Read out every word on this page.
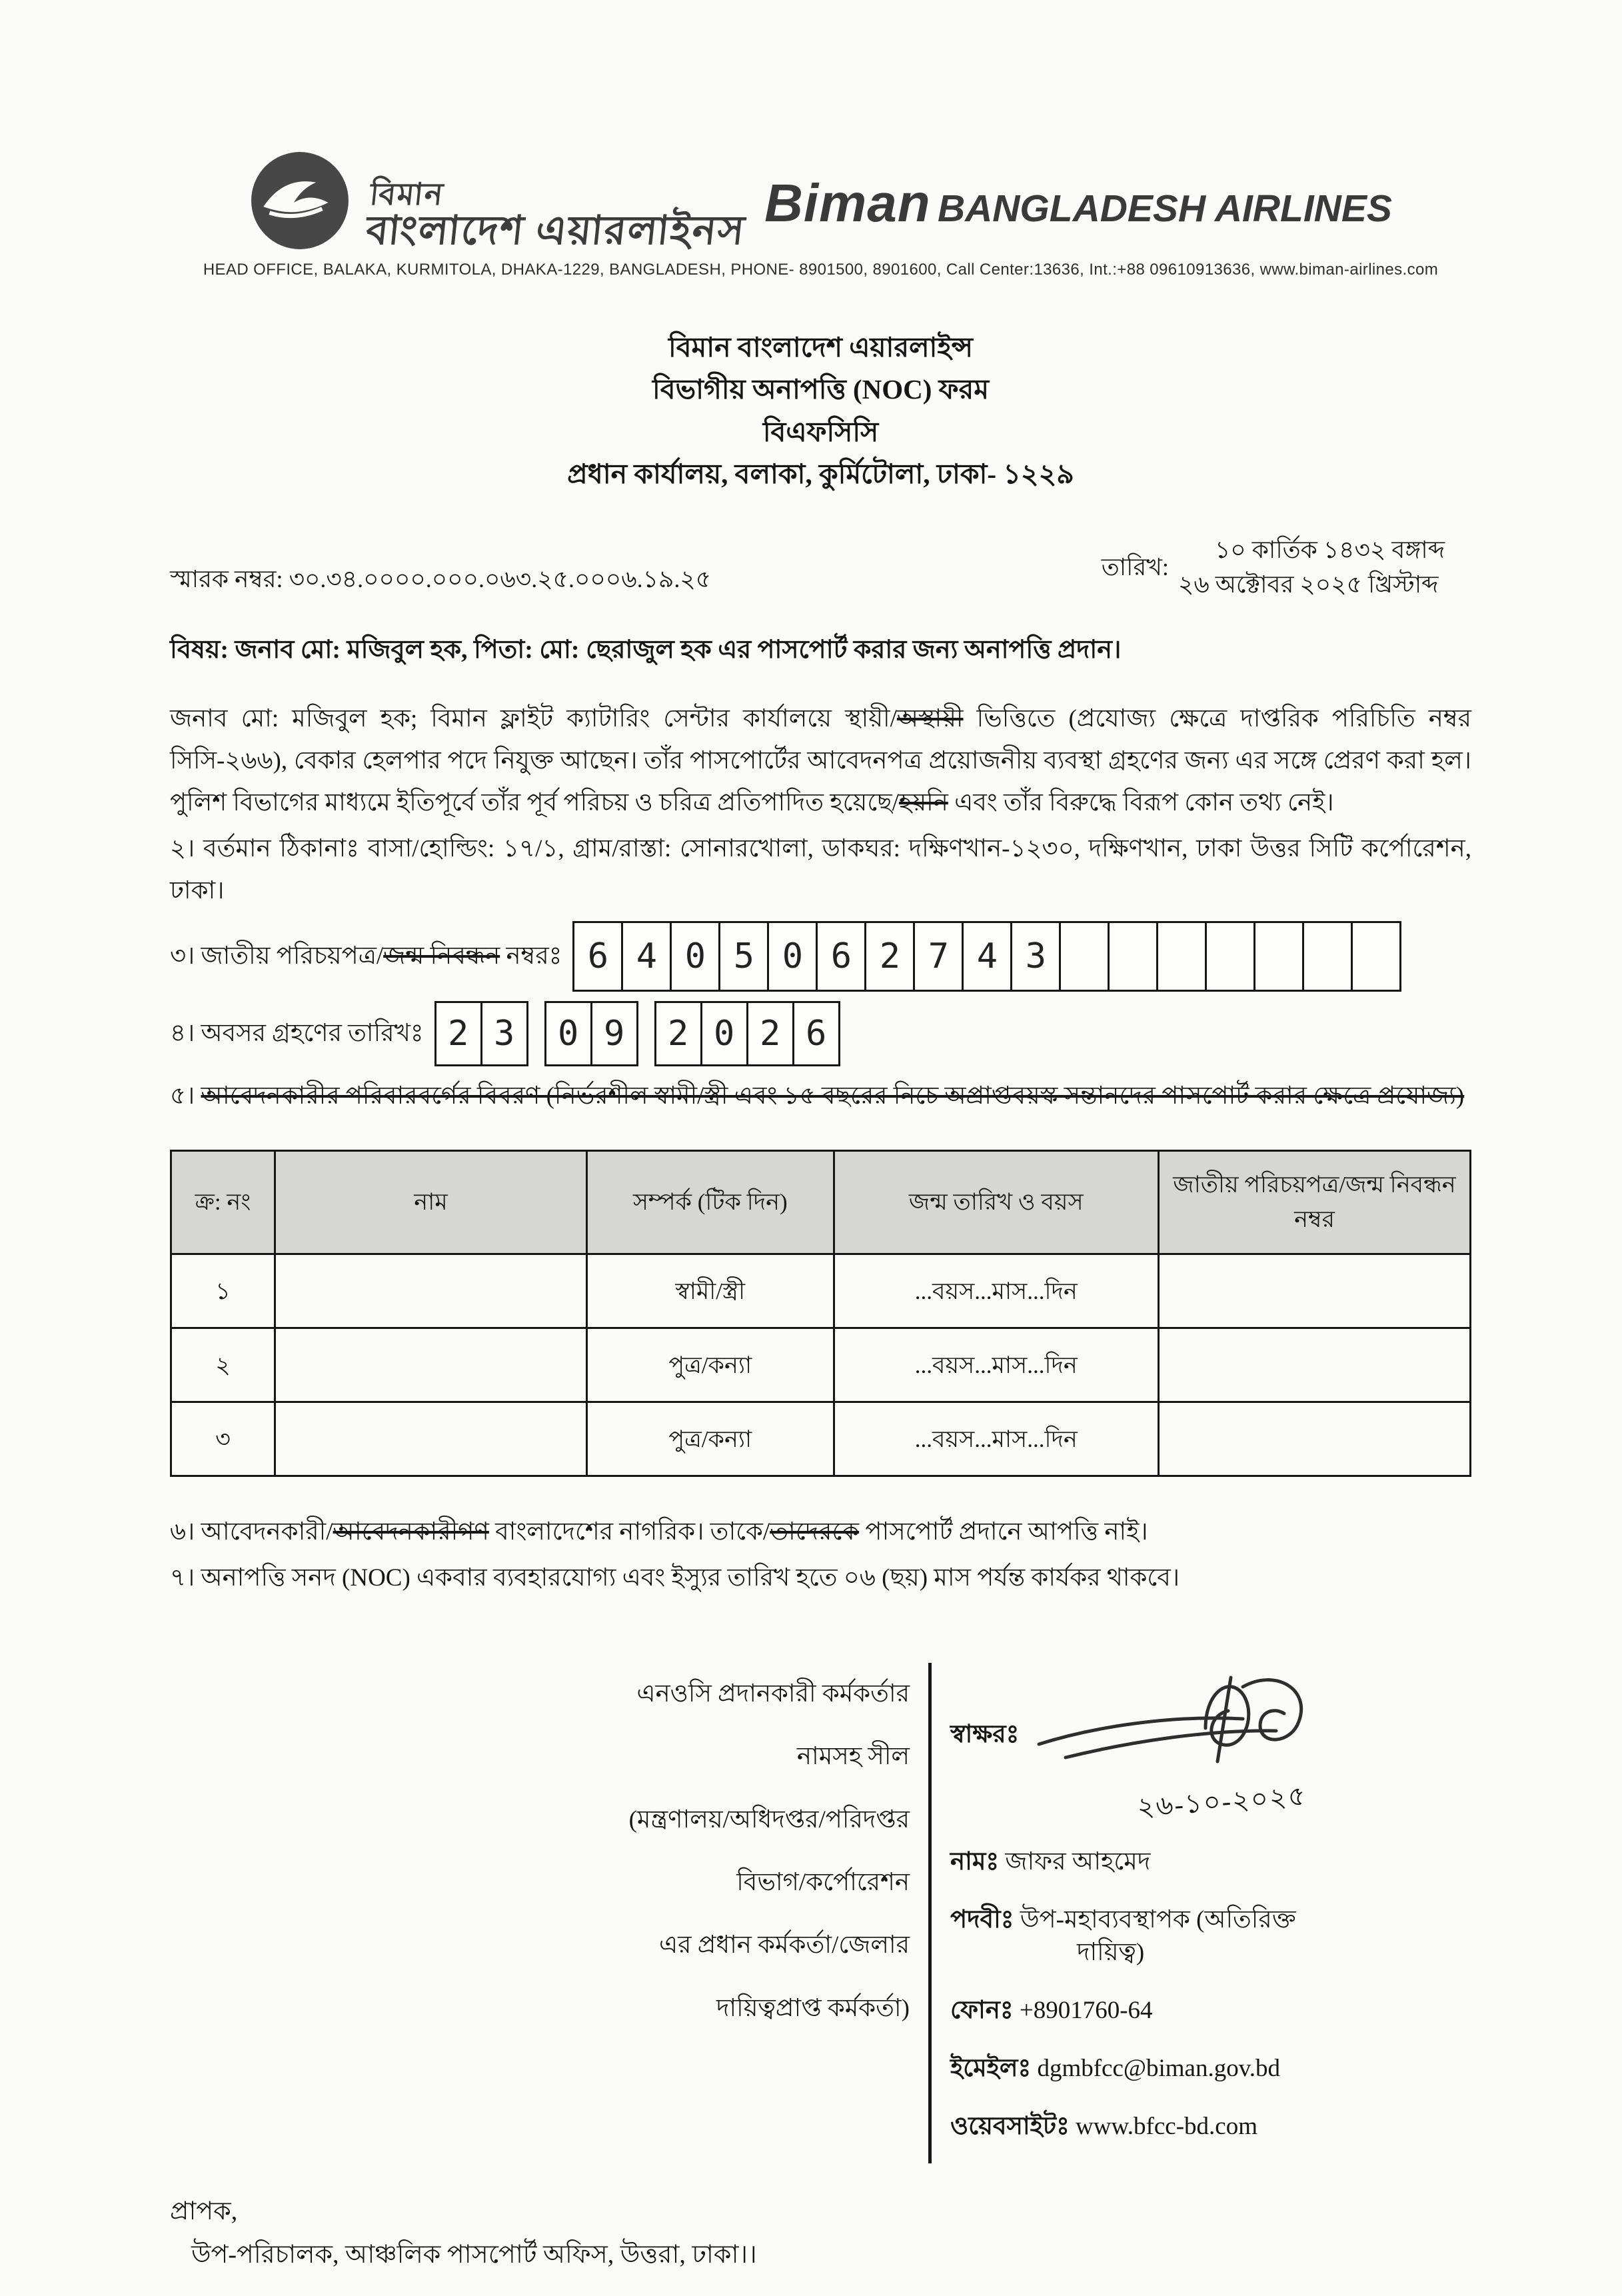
বিমান
বাংলাদেশ এয়ারলাইনস Biman BANGLADESH AIRLINES
HEAD OFFICE, BALAKA, KURMITOLA, DHAKA-1229, BANGLADESH, PHONE- 8901500, 8901600, Call Center:13636, Int.:+88 09610913636, www.biman-airlines.com
বিমান বাংলাদেশ এয়ারলাইন্স
বিভাগীয় অনাপত্তি (NOC) ফরম
বিএফসিসি
প্রধান কার্যালয়, বলাকা, কুর্মিটোলা, ঢাকা- ১২২৯
স্মারক নম্বর: ৩০.৩৪.০০০০.০০০.০৬৩.২৫.০০০৬.১৯.২৫	তারিখ:
১০ কার্তিক ১৪৩২ বঙ্গাব্দ
২৬ অক্টোবর ২০২৫ খ্রিস্টাব্দ
বিষয়: জনাব মো: মজিবুল হক, পিতা: মো: ছেরাজুল হক এর পাসপোর্ট করার জন্য অনাপত্তি প্রদান।

জনাব মো: মজিবুল হক; বিমান ফ্লাইট ক্যাটারিং সেন্টার কার্যালয়ে স্থায়ী/অস্থায়ী ভিত্তিতে (প্রযোজ্য ক্ষেত্রে দাপ্তরিক পরিচিতি নম্বর সিসি-২৬৬), বেকার হেলপার পদে নিযুক্ত আছেন। তাঁর পাসপোর্টের আবেদনপত্র প্রয়োজনীয় ব্যবস্থা গ্রহণের জন্য এর সঙ্গে প্রেরণ করা হল। পুলিশ বিভাগের মাধ্যমে ইতিপূর্বে তাঁর পূর্ব পরিচয় ও চরিত্র প্রতিপাদিত হয়েছে/হয়নি এবং তাঁর বিরুদ্ধে বিরূপ কোন তথ্য নেই।

২। বর্তমান ঠিকানাঃ বাসা/হোল্ডিং: ১৭/১, গ্রাম/রাস্তা: সোনারখোলা, ডাকঘর: দক্ষিণখান-১২৩০, দক্ষিণখান, ঢাকা উত্তর সিটি কর্পোরেশন, ঢাকা।

৩। জাতীয় পরিচয়পত্র/জন্ম নিবন্ধন নম্বরঃ 6 4 0 5 0 6 2 7 4 3
৪। অবসর গ্রহণের তারিখঃ 2 3	0 9	2 0 2 6

৫। আবেদনকারীর পরিবারবর্গের বিবরণ (নির্ভরশীল স্বামী/স্ত্রী এবং ১৫ বছরের নিচে অপ্রাপ্তবয়স্ক সন্তানদের পাসপোর্ট করার ক্ষেত্রে প্রযোজ্য)

ক্র: নং	নাম	সম্পর্ক (টিক দিন)	জন্ম তারিখ ও বয়স	জাতীয় পরিচয়পত্র/জন্ম নিবন্ধন নম্বর
১		স্বামী/স্ত্রী	...বয়স...মাস...দিন	
২		পুত্র/কন্যা	...বয়স...মাস...দিন	
৩		পুত্র/কন্যা	...বয়স...মাস...দিন	

৬। আবেদনকারী/আবেদনকারীগণ বাংলাদেশের নাগরিক। তাকে/তাদেরকে পাসপোর্ট প্রদানে আপত্তি নাই।

৭। অনাপত্তি সনদ (NOC) একবার ব্যবহারযোগ্য এবং ইস্যুর তারিখ হতে ০৬ (ছয়) মাস পর্যন্ত কার্যকর থাকবে।

এনওসি প্রদানকারী কর্মকর্তার
নামসহ সীল
(মন্ত্রণালয়/অধিদপ্তর/পরিদপ্তর
বিভাগ/কর্পোরেশন
এর প্রধান কর্মকর্তা/জেলার
দায়িত্বপ্রাপ্ত কর্মকর্তা)
স্বাক্ষরঃ
২৬-১০-২০২৫
নামঃ জাফর আহমেদ
পদবীঃ উপ-মহাব্যবস্থাপক (অতিরিক্ত
দায়িত্ব)
ফোনঃ +8901760-64
ইমেইলঃ dgmbfcc@biman.gov.bd
ওয়েবসাইটঃ www.bfcc-bd.com
প্রাপক,
উপ-পরিচালক, আঞ্চলিক পাসপোর্ট অফিস, উত্তরা, ঢাকা।।
